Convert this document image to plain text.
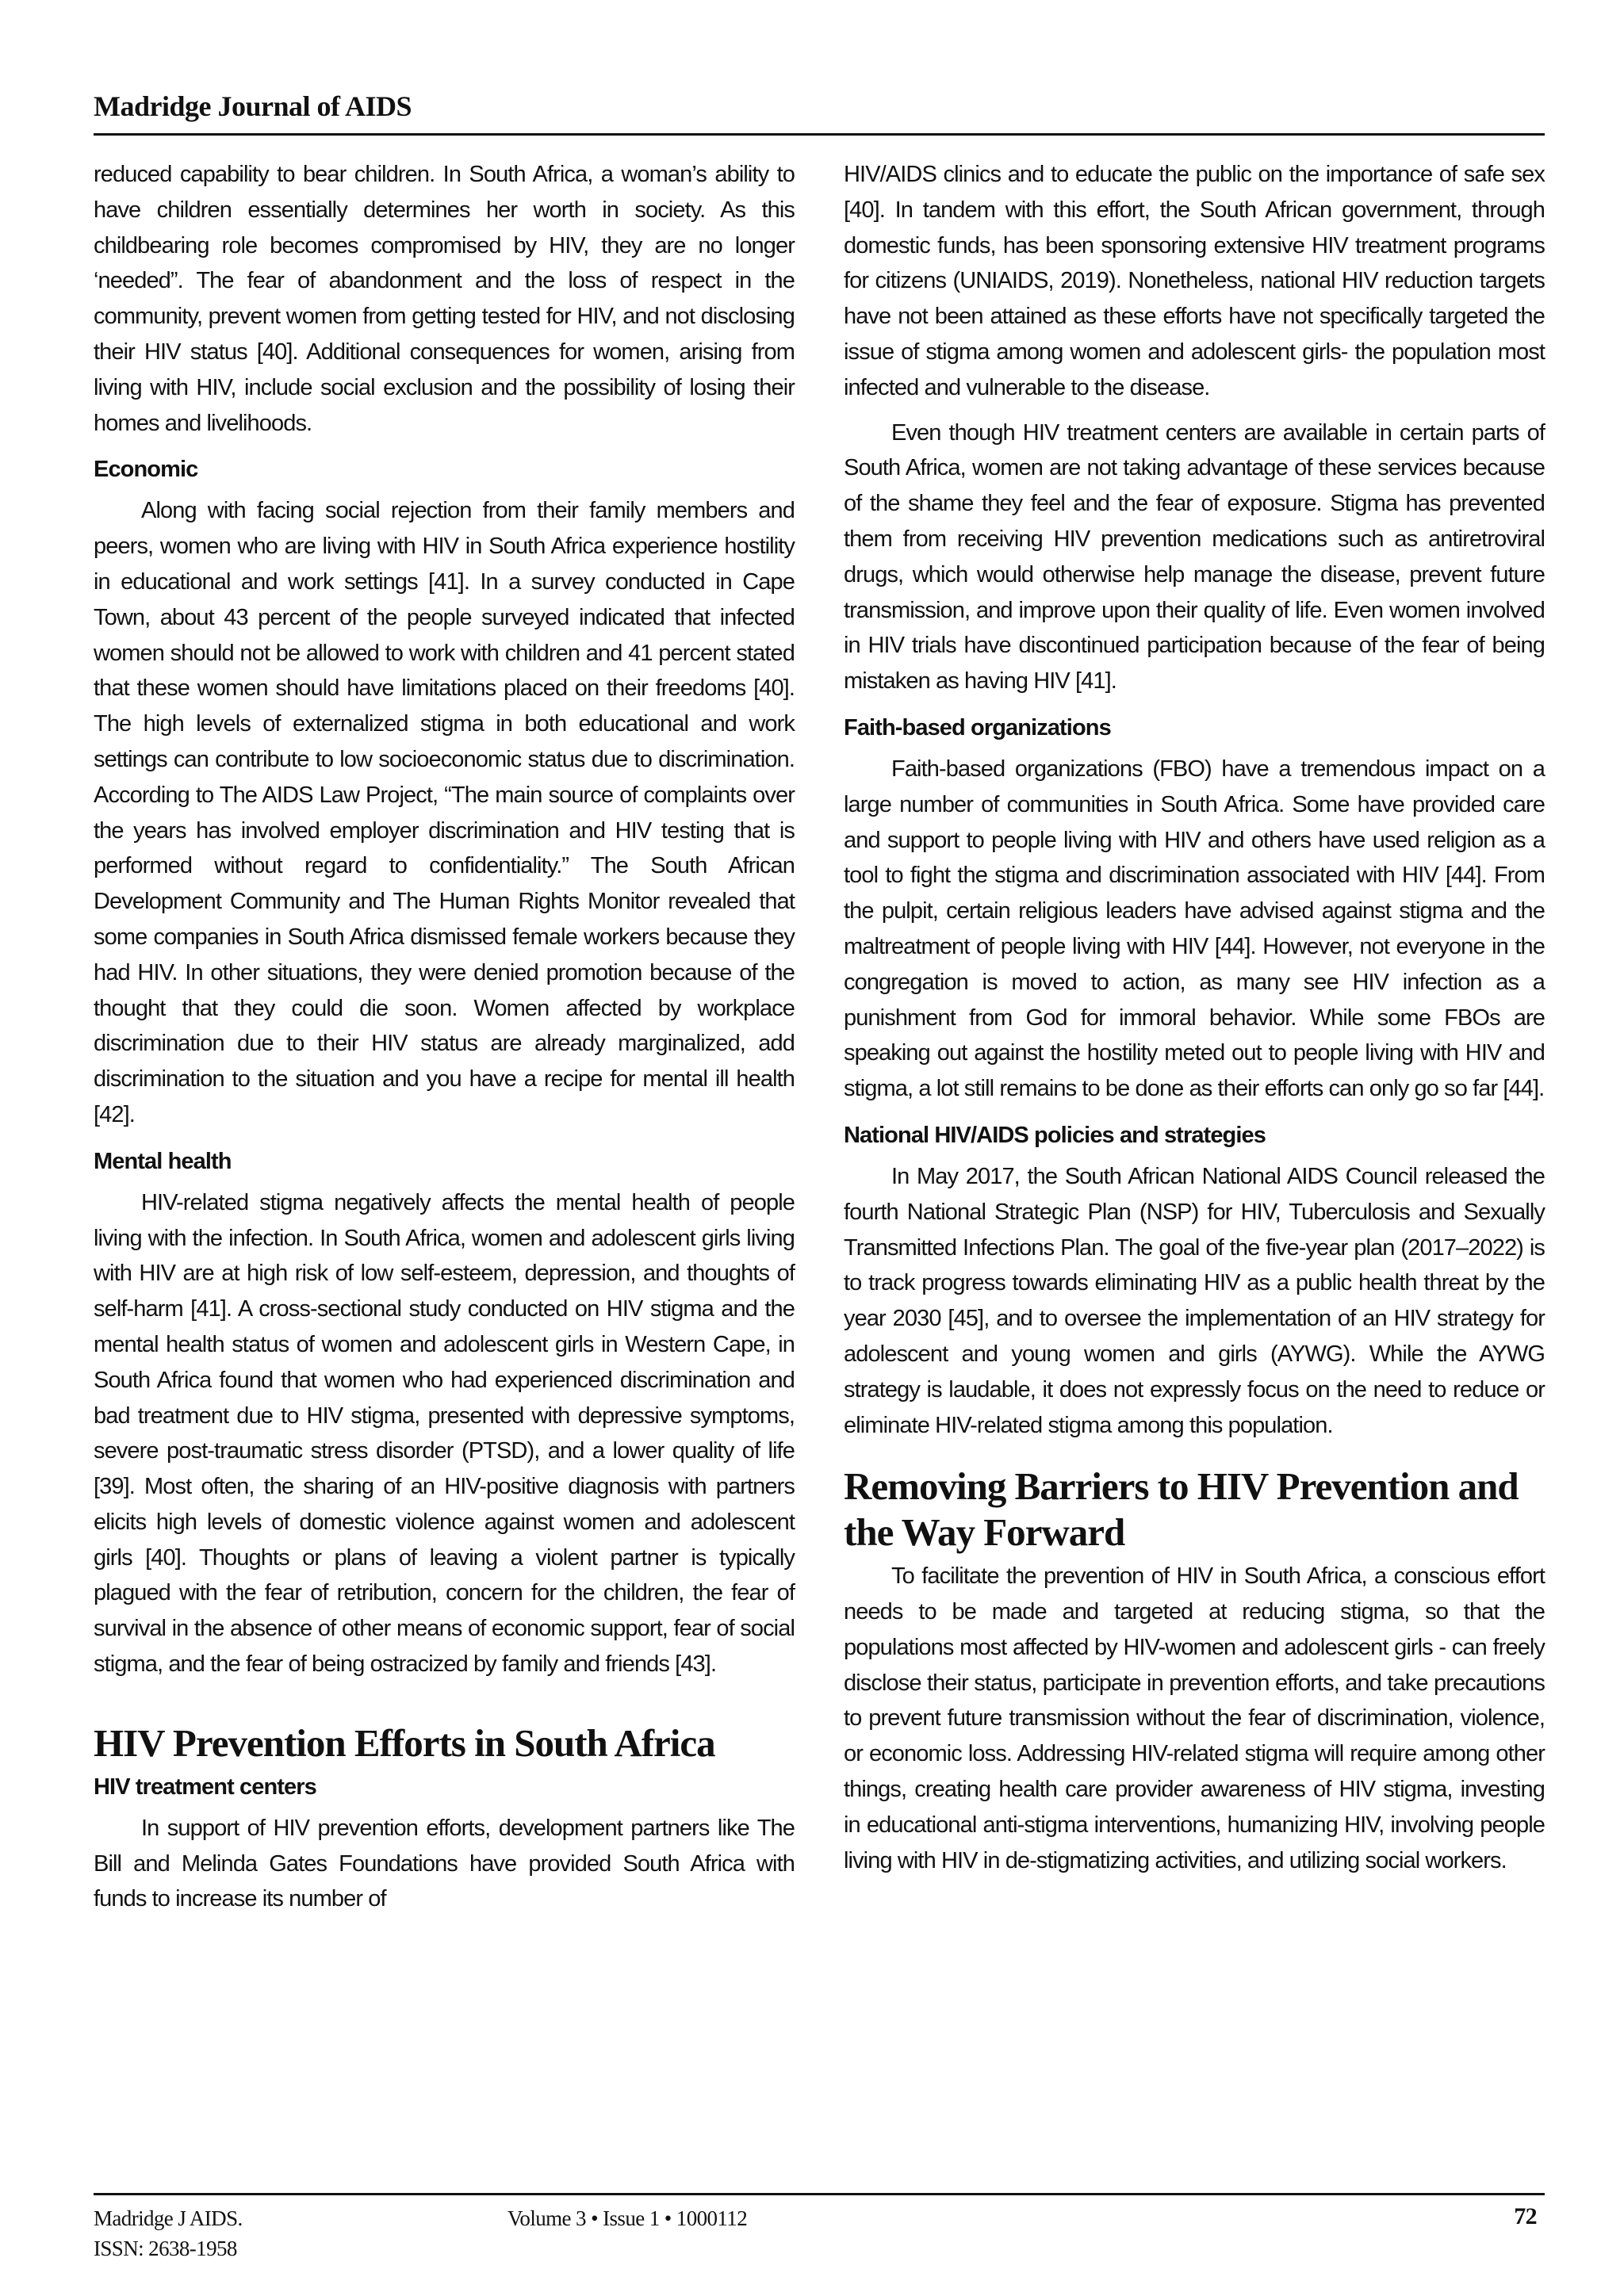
Madridge Journal of AIDS

reduced capability to bear children. In South Africa, a woman’s ability to have children essentially determines her worth in society. As this childbearing role becomes compromised by HIV, they are no longer ‘needed”. The fear of abandonment and the loss of respect in the community, prevent women from getting tested for HIV, and not disclosing their HIV status [40]. Additional consequences for women, arising from living with HIV, include social exclusion and the possibility of losing their homes and livelihoods.

Economic

Along with facing social rejection from their family members and peers, women who are living with HIV in South Africa experience hostility in educational and work settings [41]. In a survey conducted in Cape Town, about 43 percent of the people surveyed indicated that infected women should not be allowed to work with children and 41 percent stated that these women should have limitations placed on their freedoms [40]. The high levels of externalized stigma in both educational and work settings can contribute to low socioeconomic status due to discrimination. According to The AIDS Law Project, “The main source of complaints over the years has involved employer discrimination and HIV testing that is performed without regard to confidentiality.” The South African Development Community and The Human Rights Monitor revealed that some companies in South Africa dismissed female workers because they had HIV. In other situations, they were denied promotion because of the thought that they could die soon. Women affected by workplace discrimination due to their HIV status are already marginalized, add discrimination to the situation and you have a recipe for mental ill health [42].

Mental health

HIV-related stigma negatively affects the mental health of people living with the infection. In South Africa, women and adolescent girls living with HIV are at high risk of low self-esteem, depression, and thoughts of self-harm [41]. A cross-sectional study conducted on HIV stigma and the mental health status of women and adolescent girls in Western Cape, in South Africa found that women who had experienced discrimination and bad treatment due to HIV stigma, presented with depressive symptoms, severe post-traumatic stress disorder (PTSD), and a lower quality of life [39]. Most often, the sharing of an HIV-positive diagnosis with partners elicits high levels of domestic violence against women and adolescent girls [40]. Thoughts or plans of leaving a violent partner is typically plagued with the fear of retribution, concern for the children, the fear of survival in the absence of other means of economic support, fear of social stigma, and the fear of being ostracized by family and friends [43].

HIV Prevention Efforts in South Africa
HIV treatment centers

In support of HIV prevention efforts, development partners like The Bill and Melinda Gates Foundations have provided South Africa with funds to increase its number of

HIV/AIDS clinics and to educate the public on the importance of safe sex [40]. In tandem with this effort, the South African government, through domestic funds, has been sponsoring extensive HIV treatment programs for citizens (UNIAIDS, 2019). Nonetheless, national HIV reduction targets have not been attained as these efforts have not specifically targeted the issue of stigma among women and adolescent girls- the population most infected and vulnerable to the disease.

Even though HIV treatment centers are available in certain parts of South Africa, women are not taking advantage of these services because of the shame they feel and the fear of exposure. Stigma has prevented them from receiving HIV prevention medications such as antiretroviral drugs, which would otherwise help manage the disease, prevent future transmission, and improve upon their quality of life. Even women involved in HIV trials have discontinued participation because of the fear of being mistaken as having HIV [41].

Faith-based organizations

Faith-based organizations (FBO) have a tremendous impact on a large number of communities in South Africa. Some have provided care and support to people living with HIV and others have used religion as a tool to fight the stigma and discrimination associated with HIV [44]. From the pulpit, certain religious leaders have advised against stigma and the maltreatment of people living with HIV [44]. However, not everyone in the congregation is moved to action, as many see HIV infection as a punishment from God for immoral behavior. While some FBOs are speaking out against the hostility meted out to people living with HIV and stigma, a lot still remains to be done as their efforts can only go so far [44].

National HIV/AIDS policies and strategies

In May 2017, the South African National AIDS Council released the fourth National Strategic Plan (NSP) for HIV, Tuberculosis and Sexually Transmitted Infections Plan. The goal of the five-year plan (2017–2022) is to track progress towards eliminating HIV as a public health threat by the year 2030 [45], and to oversee the implementation of an HIV strategy for adolescent and young women and girls (AYWG). While the AYWG strategy is laudable, it does not expressly focus on the need to reduce or eliminate HIV-related stigma among this population.

Removing Barriers to HIV Prevention and the Way Forward

To facilitate the prevention of HIV in South Africa, a conscious effort needs to be made and targeted at reducing stigma, so that the populations most affected by HIV-women and adolescent girls - can freely disclose their status, participate in prevention efforts, and take precautions to prevent future transmission without the fear of discrimination, violence, or economic loss. Addressing HIV-related stigma will require among other things, creating health care provider awareness of HIV stigma, investing in educational anti-stigma interventions, humanizing HIV, involving people living with HIV in de-stigmatizing activities, and utilizing social workers.

Madridge J AIDS.
ISSN: 2638-1958
Volume 3 • Issue 1 • 1000112	72
